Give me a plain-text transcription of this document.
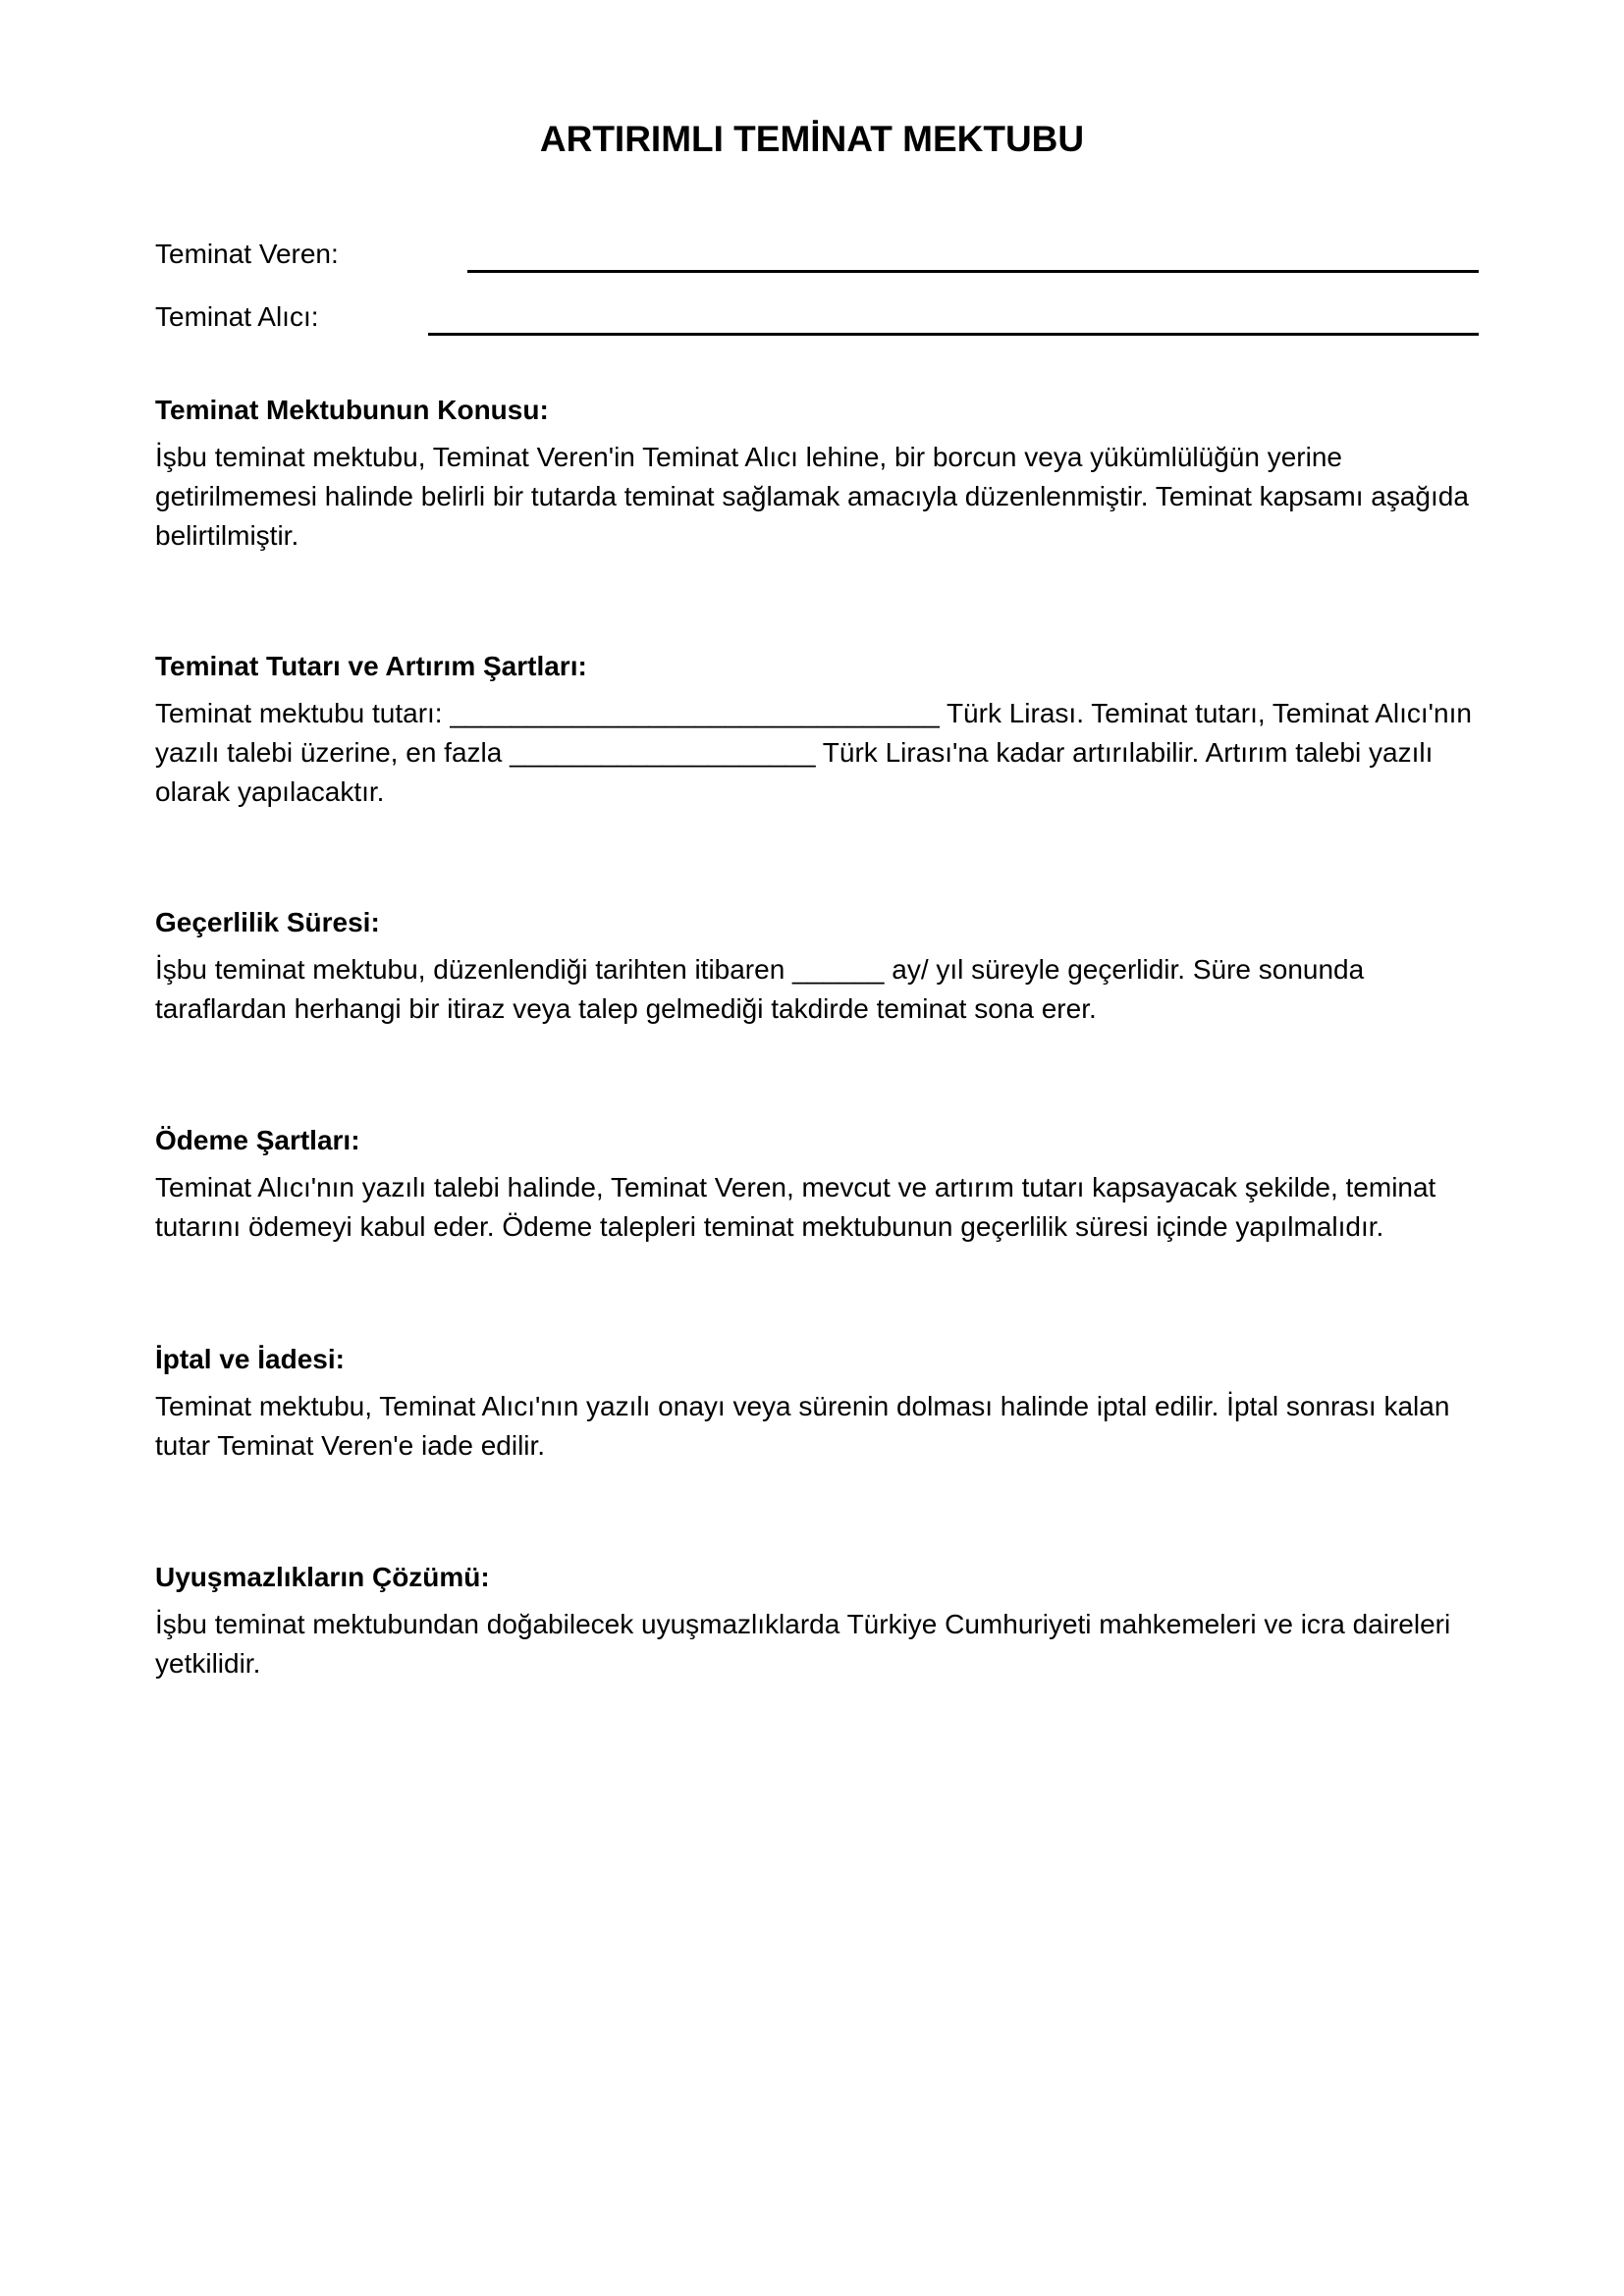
ARTIRIMLI TEMİNAT MEKTUBU
Teminat Veren:
Teminat Alıcı:
Teminat Mektubunun Konusu:

İşbu teminat mektubu, Teminat Veren'in Teminat Alıcı lehine, bir borcun veya yükümlülüğün yerine getirilmemesi halinde belirli bir tutarda teminat sağlamak amacıyla düzenlenmiştir. Teminat kapsamı aşağıda belirtilmiştir.

Teminat Tutarı ve Artırım Şartları:

Teminat mektubu tutarı: ________________________________ Türk Lirası. Teminat tutarı, Teminat Alıcı'nın yazılı talebi üzerine, en fazla ____________________ Türk Lirası'na kadar artırılabilir. Artırım talebi yazılı olarak yapılacaktır.

Geçerlilik Süresi:

İşbu teminat mektubu, düzenlendiği tarihten itibaren ______ ay/ yıl süreyle geçerlidir. Süre sonunda taraflardan herhangi bir itiraz veya talep gelmediği takdirde teminat sona erer.

Ödeme Şartları:

Teminat Alıcı'nın yazılı talebi halinde, Teminat Veren, mevcut ve artırım tutarı kapsayacak şekilde, teminat tutarını ödemeyi kabul eder. Ödeme talepleri teminat mektubunun geçerlilik süresi içinde yapılmalıdır.

İptal ve İadesi:

Teminat mektubu, Teminat Alıcı'nın yazılı onayı veya sürenin dolması halinde iptal edilir. İptal sonrası kalan tutar Teminat Veren'e iade edilir.

Uyuşmazlıkların Çözümü:

İşbu teminat mektubundan doğabilecek uyuşmazlıklarda Türkiye Cumhuriyeti mahkemeleri ve icra daireleri yetkilidir.
